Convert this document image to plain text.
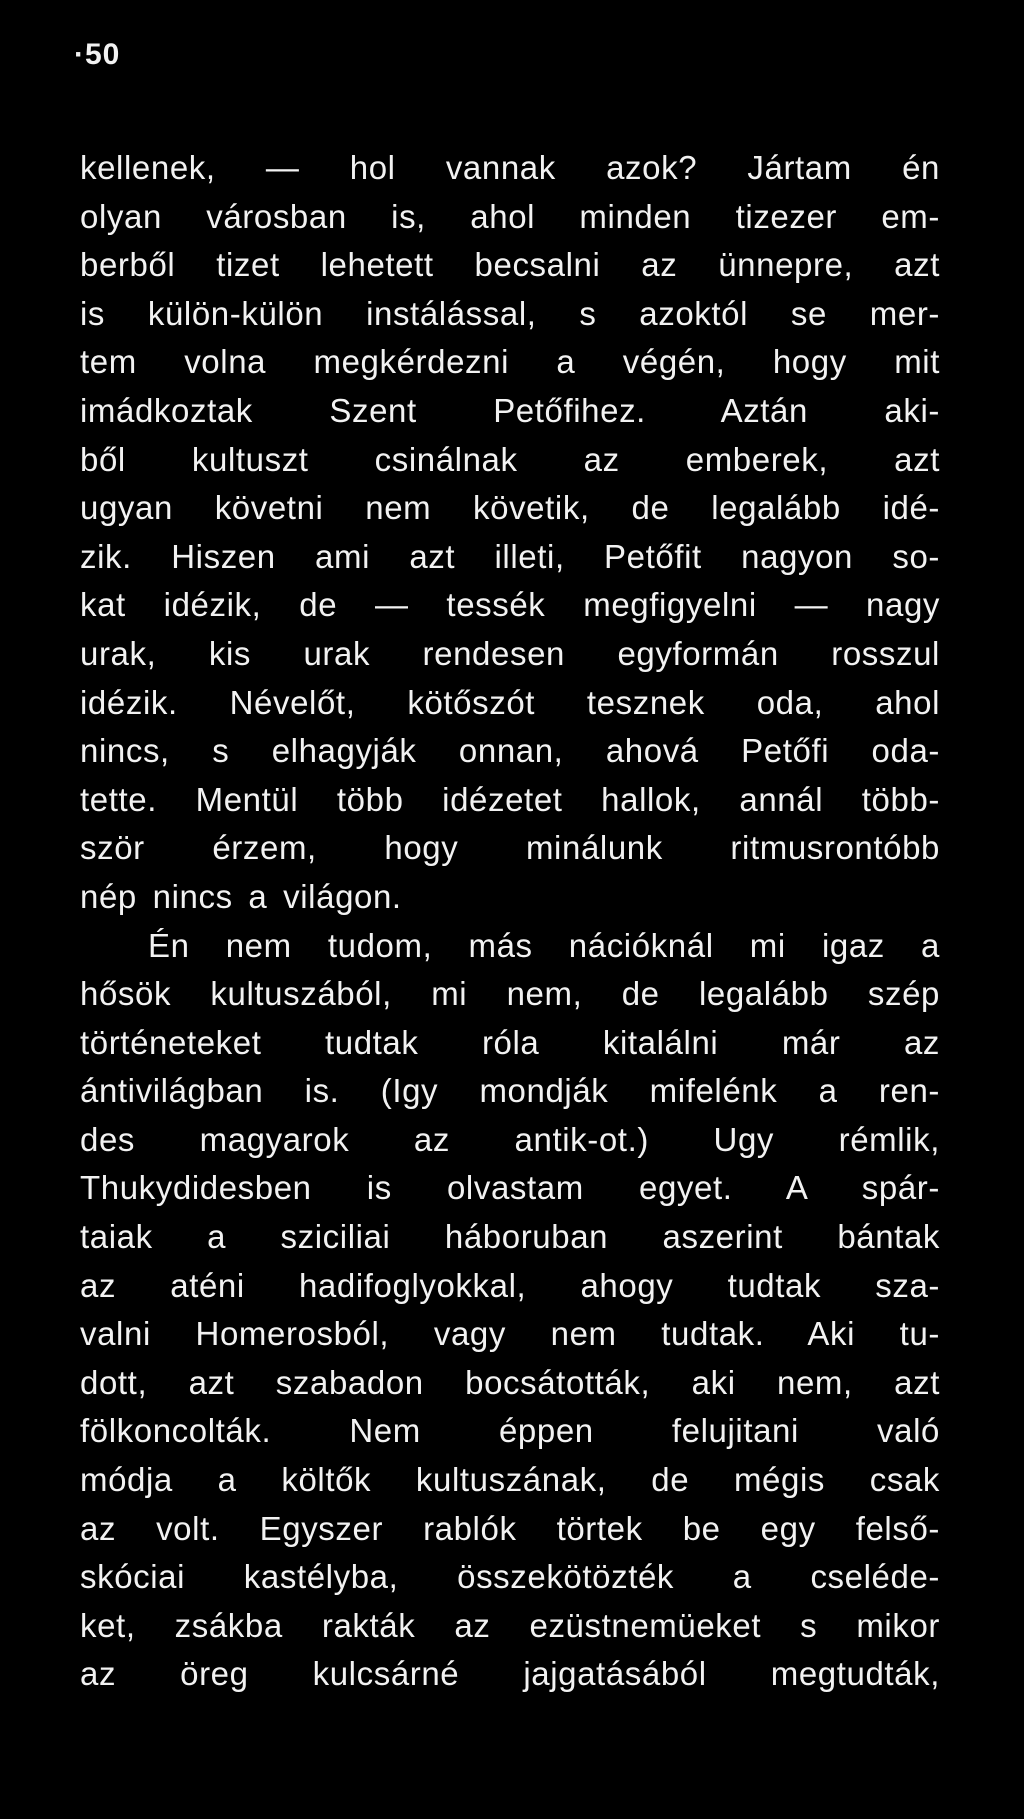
·50
kellenek, — hol vannak azok? Jártam én
olyan városban is, ahol minden tizezer em-
berből tizet lehetett becsalni az ünnepre, azt
is külön-külön instálással, s azoktól se mer-
tem volna megkérdezni a végén, hogy mit
imádkoztak Szent Petőfihez. Aztán aki-
ből kultuszt csinálnak az emberek, azt
ugyan követni nem követik, de legalább idé-
zik. Hiszen ami azt illeti, Petőfit nagyon so-
kat idézik, de — tessék megfigyelni — nagy
urak, kis urak rendesen egyformán rosszul
idézik. Névelőt, kötőszót tesznek oda, ahol
nincs, s elhagyják onnan, ahová Petőfi oda-
tette. Mentül több idézetet hallok, annál több-
ször érzem, hogy minálunk ritmusrontóbb
nép nincs a világon.
Én nem tudom, más nációknál mi igaz a
hősök kultuszából, mi nem, de legalább szép
történeteket tudtak róla kitalálni már az
ántivilágban is. (Igy mondják mifelénk a ren-
des magyarok az antik-ot.) Ugy rémlik,
Thukydidesben is olvastam egyet. A spár-
taiak a sziciliai háboruban aszerint bántak
az aténi hadifoglyokkal, ahogy tudtak sza-
valni Homerosból, vagy nem tudtak. Aki tu-
dott, azt szabadon bocsátották, aki nem, azt
fölkoncolták. Nem éppen felujitani való
módja a költők kultuszának, de mégis csak
az volt. Egyszer rablók törtek be egy felső-
skóciai kastélyba, összekötözték a cseléde-
ket, zsákba rakták az ezüstnemüeket s mikor
az öreg kulcsárné jajgatásából megtudták,
